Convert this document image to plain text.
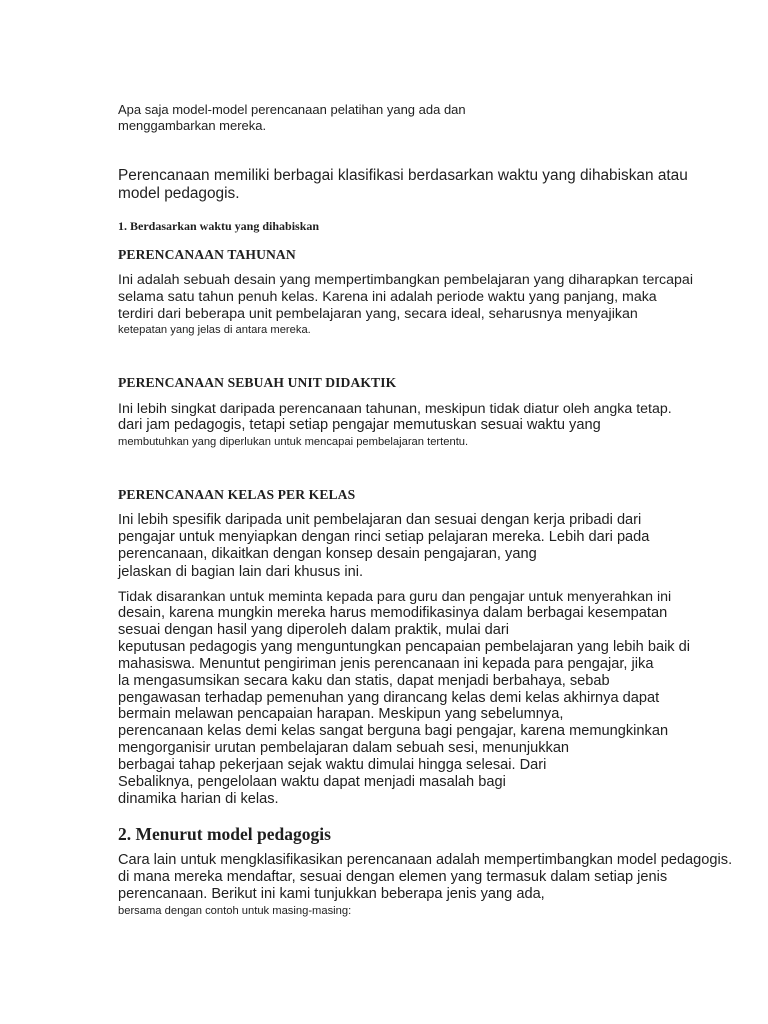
Apa saja model-model perencanaan pelatihan yang ada dan
menggambarkan mereka.
Perencanaan memiliki berbagai klasifikasi berdasarkan waktu yang dihabiskan atau
model pedagogis.
1. Berdasarkan waktu yang dihabiskan
PERENCANAAN TAHUNAN
Ini adalah sebuah desain yang mempertimbangkan pembelajaran yang diharapkan tercapai
selama satu tahun penuh kelas. Karena ini adalah periode waktu yang panjang, maka
terdiri dari beberapa unit pembelajaran yang, secara ideal, seharusnya menyajikan
ketepatan yang jelas di antara mereka.
PERENCANAAN SEBUAH UNIT DIDAKTIK
Ini lebih singkat daripada perencanaan tahunan, meskipun tidak diatur oleh angka tetap.
dari jam pedagogis, tetapi setiap pengajar memutuskan sesuai waktu yang
membutuhkan yang diperlukan untuk mencapai pembelajaran tertentu.
PERENCANAAN KELAS PER KELAS
Ini lebih spesifik daripada unit pembelajaran dan sesuai dengan kerja pribadi dari
pengajar untuk menyiapkan dengan rinci setiap pelajaran mereka. Lebih dari pada
perencanaan, dikaitkan dengan konsep desain pengajaran, yang
jelaskan di bagian lain dari khusus ini.
Tidak disarankan untuk meminta kepada para guru dan pengajar untuk menyerahkan ini
desain, karena mungkin mereka harus memodifikasinya dalam berbagai kesempatan
sesuai dengan hasil yang diperoleh dalam praktik, mulai dari
keputusan pedagogis yang menguntungkan pencapaian pembelajaran yang lebih baik di
mahasiswa. Menuntut pengiriman jenis perencanaan ini kepada para pengajar, jika
la mengasumsikan secara kaku dan statis, dapat menjadi berbahaya, sebab
pengawasan terhadap pemenuhan yang dirancang kelas demi kelas akhirnya dapat
bermain melawan pencapaian harapan. Meskipun yang sebelumnya,
perencanaan kelas demi kelas sangat berguna bagi pengajar, karena memungkinkan
mengorganisir urutan pembelajaran dalam sebuah sesi, menunjukkan
berbagai tahap pekerjaan sejak waktu dimulai hingga selesai. Dari
Sebaliknya, pengelolaan waktu dapat menjadi masalah bagi
dinamika harian di kelas.
2. Menurut model pedagogis
Cara lain untuk mengklasifikasikan perencanaan adalah mempertimbangkan model pedagogis.
di mana mereka mendaftar, sesuai dengan elemen yang termasuk dalam setiap jenis
perencanaan. Berikut ini kami tunjukkan beberapa jenis yang ada,
bersama dengan contoh untuk masing-masing:
